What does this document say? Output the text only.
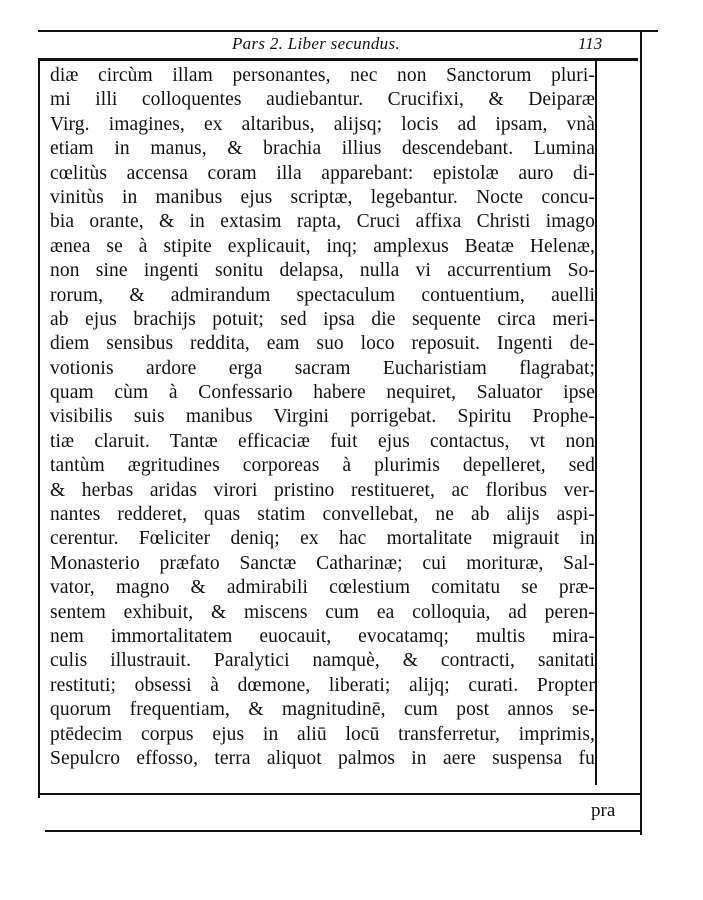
Pars 2. Liber secundus.	113
diæ circùm illam personantes, nec non Sanctorum pluri-
mi illi colloquentes audiebantur. Crucifixi, & Deiparæ
Virg. imagines, ex altaribus, alijsq; locis ad ipsam, vnà
etiam in manus, & brachia illius descendebant. Lumina
cœlitùs accensa coram illa apparebant: epistolæ auro di-
vinitùs in manibus ejus scriptæ, legebantur. Nocte concu-
bia orante, & in extasim rapta, Cruci affixa Christi imago
ænea se à stipite explicauit, inq; amplexus Beatæ Helenæ,
non sine ingenti sonitu delapsa, nulla vi accurrentium So-
rorum, & admirandum spectaculum contuentium, auelli
ab ejus brachijs potuit; sed ipsa die sequente circa meri-
diem sensibus reddita, eam suo loco reposuit. Ingenti de-
votionis ardore erga sacram Eucharistiam flagrabat;
quam cùm à Confessario habere nequiret, Saluator ipse
visibilis suis manibus Virgini porrigebat. Spiritu Prophe-
tiæ claruit. Tantæ efficaciæ fuit ejus contactus, vt non
tantùm ægritudines corporeas à plurimis depelleret, sed
& herbas aridas virori pristino restitueret, ac floribus ver-
nantes redderet, quas statim convellebat, ne ab alijs aspi-
cerentur. Fœliciter deniq; ex hac mortalitate migrauit in
Monasterio præfato Sanctæ Catharinæ; cui morituræ, Sal-
vator, magno & admirabili cœlestium comitatu se præ-
sentem exhibuit, & miscens cum ea colloquia, ad peren-
nem immortalitatem euocauit, evocatamq; multis mira-
culis illustrauit. Paralytici namquè, & contracti, sanitati
restituti; obsessi à dœmone, liberati; alijq; curati. Propter
quorum frequentiam, & magnitudinē, cum post annos se-
ptēdecim corpus ejus in aliū locū transferretur, imprimis,
Sepulcro effosso, terra aliquot palmos in aere suspensa fu
pra
